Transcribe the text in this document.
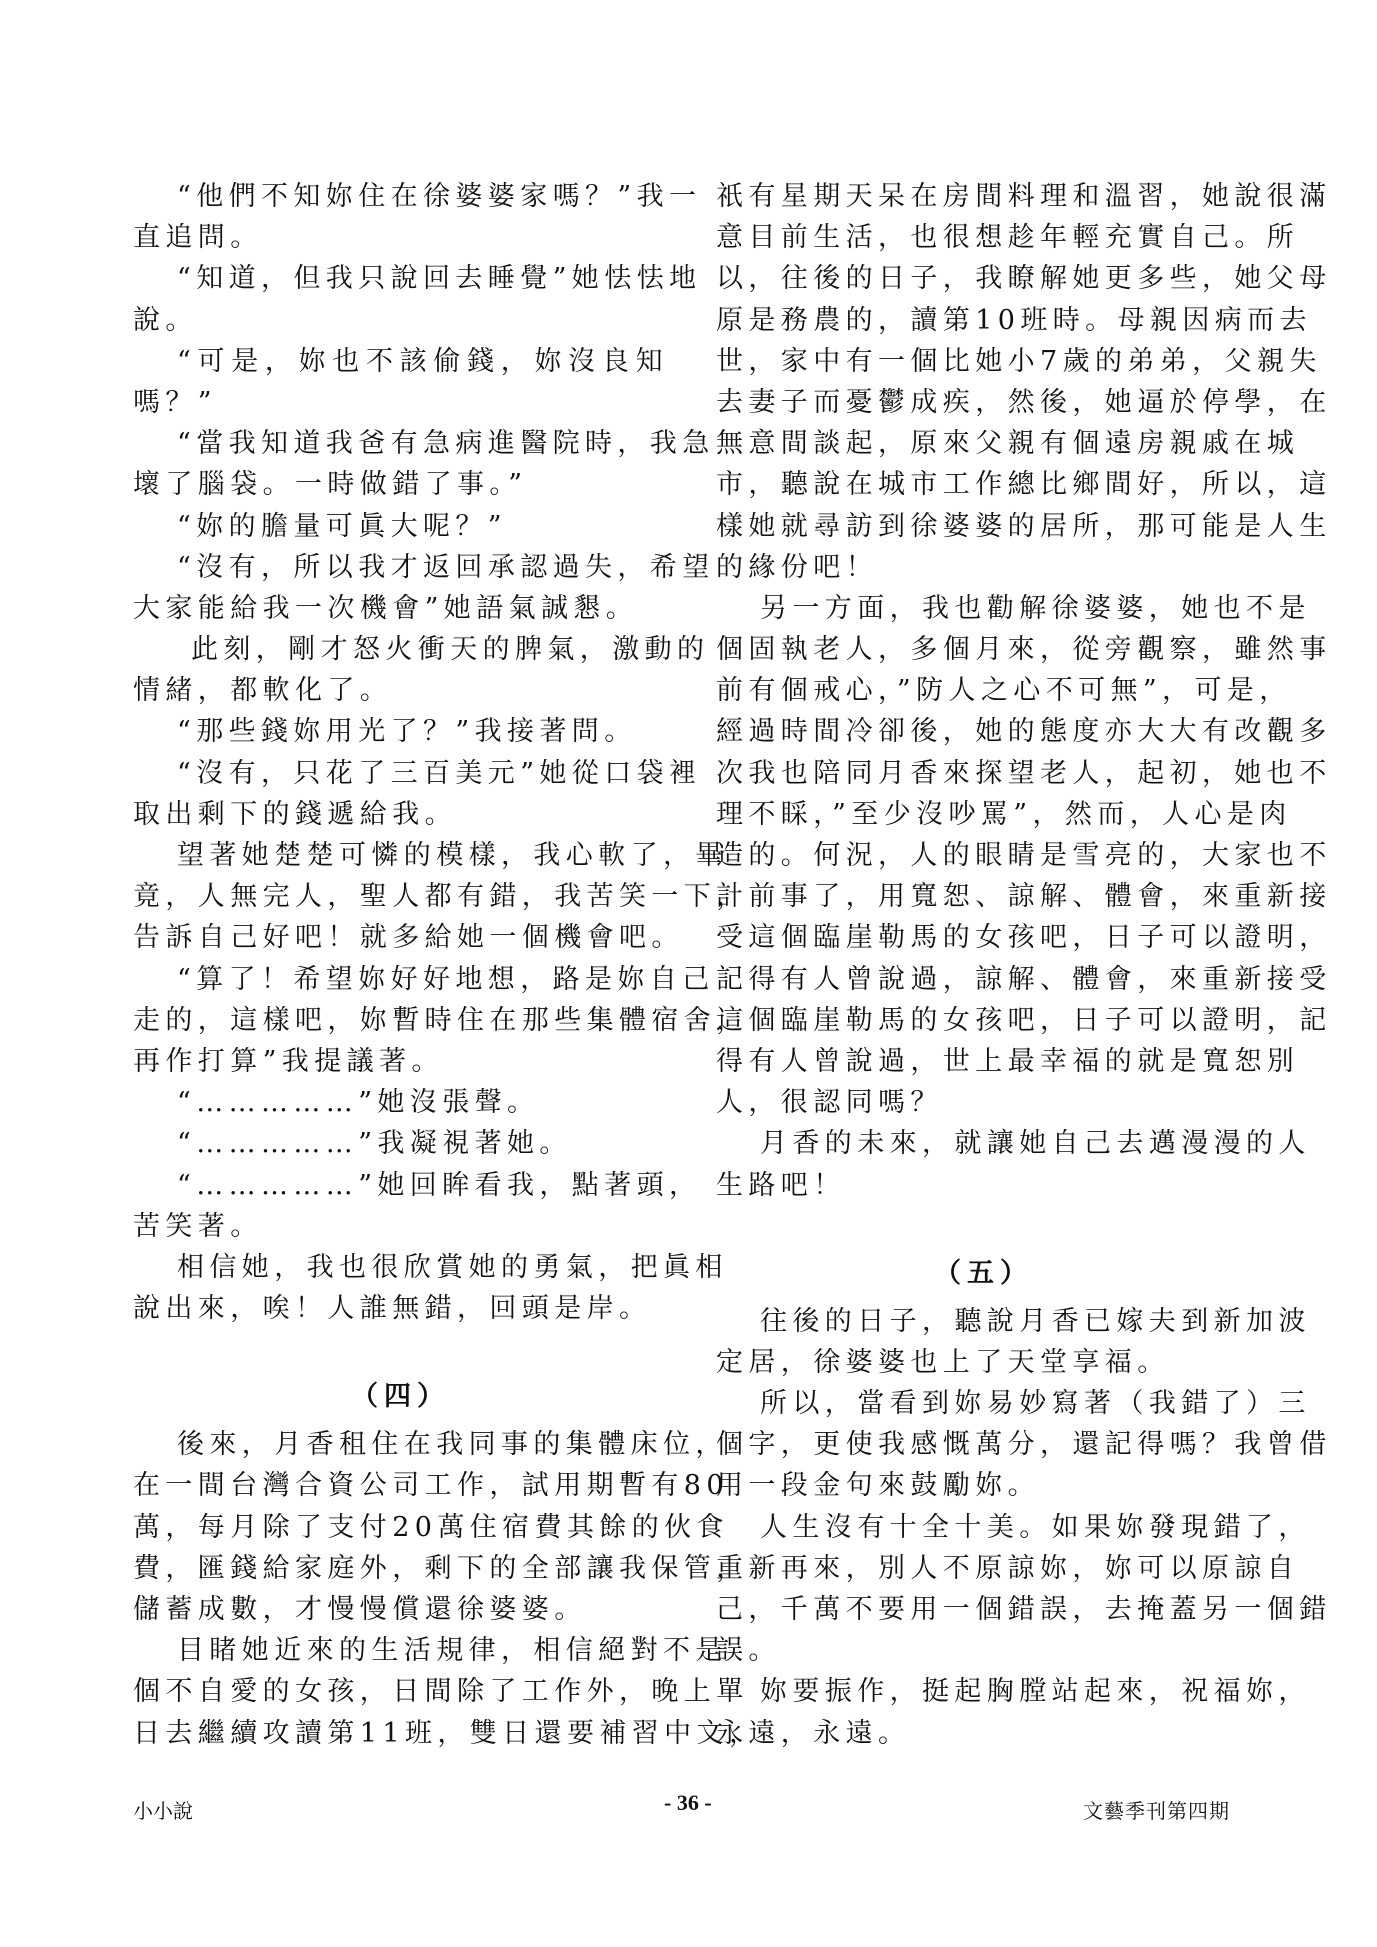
“他們不知妳住在徐婆婆家嗎？”我一
直追問。
“知道，但我只說回去睡覺”她怯怯地
說。
“可是，妳也不該偷錢，妳沒良知
嗎？”
“當我知道我爸有急病進醫院時，我急
壞了腦袋。一時做錯了事。”
“妳的膽量可眞大呢？”
“沒有，所以我才返回承認過失，希望
大家能給我一次機會”她語氣誠懇。
此刻，剛才怒火衝天的脾氣，激動的
情緒，都軟化了。
“那些錢妳用光了？”我接著問。
“沒有，只花了三百美元”她從口袋裡
取出剩下的錢遞給我。
望著她楚楚可憐的模樣，我心軟了，畢
竟，人無完人，聖人都有錯，我苦笑一下，
告訴自己好吧！就多給她一個機會吧。
“算了！希望妳好好地想，路是妳自己
走的，這樣吧，妳暫時住在那些集體宿舍，
再作打算”我提議著。
“……………”她沒張聲。
“……………”我凝視著她。
“……………”她回眸看我，點著頭，
苦笑著。
相信她，我也很欣賞她的勇氣，把眞相
說出來，唉！人誰無錯，回頭是岸。
（四）
後來，月香租住在我同事的集體床位，
在一間台灣合資公司工作，試用期暫有80
萬，每月除了支付20萬住宿費其餘的伙食
費，匯錢給家庭外，剩下的全部讓我保管，
儲蓄成數，才慢慢償還徐婆婆。
目睹她近來的生活規律，相信絕對不是
個不自愛的女孩，日間除了工作外，晚上單
日去繼續攻讀第11班，雙日還要補習中文，
祇有星期天呆在房間料理和溫習，她說很滿
意目前生活，也很想趁年輕充實自己。所
以，往後的日子，我瞭解她更多些，她父母
原是務農的，讀第10班時。母親因病而去
世，家中有一個比她小7歲的弟弟，父親失
去妻子而憂鬱成疾，然後，她逼於停學，在
無意間談起，原來父親有個遠房親戚在城
市，聽說在城市工作總比鄉間好，所以，這
樣她就尋訪到徐婆婆的居所，那可能是人生
的緣份吧！
另一方面，我也勸解徐婆婆，她也不是
個固執老人，多個月來，從旁觀察，雖然事
前有個戒心，”防人之心不可無”，可是，
經過時間冷卻後，她的態度亦大大有改觀多
次我也陪同月香來探望老人，起初，她也不
理不睬，”至少沒吵罵”，然而，人心是肉
造的。何況，人的眼睛是雪亮的，大家也不
計前事了，用寬恕、諒解、體會，來重新接
受這個臨崖勒馬的女孩吧，日子可以證明，
記得有人曾說過，諒解、體會，來重新接受
這個臨崖勒馬的女孩吧，日子可以證明，記
得有人曾說過，世上最幸福的就是寬恕別
人，很認同嗎？
月香的未來，就讓她自己去邁漫漫的人
生路吧！
（五）
往後的日子，聽說月香已嫁夫到新加波
定居，徐婆婆也上了天堂享福。
所以，當看到妳易妙寫著（我錯了）三
個字，更使我感慨萬分，還記得嗎？我曾借
用一段金句來鼓勵妳。
人生沒有十全十美。如果妳發現錯了，
重新再來，別人不原諒妳，妳可以原諒自
己，千萬不要用一個錯誤，去掩蓋另一個錯
誤。
妳要振作，挺起胸膛站起來，祝福妳，
永遠，永遠。
小小說	- 36 -	文藝季刊第四期
